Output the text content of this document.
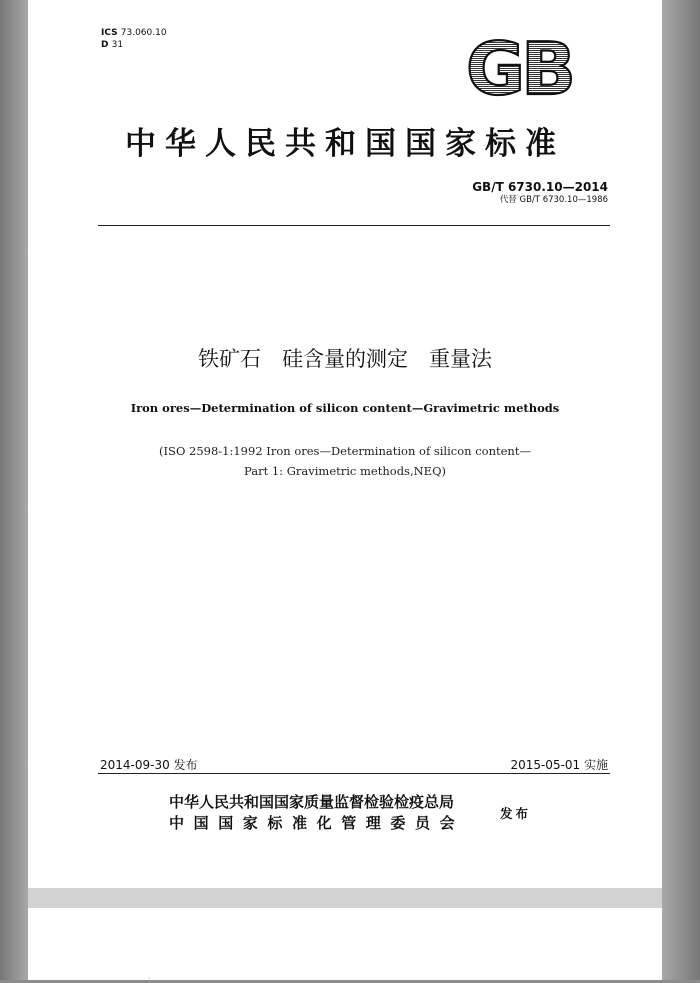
ICS 73.060.10
D 31	GB
中华人民共和国国家标准
GB/T 6730.10—2014
代替 GB/T 6730.10—1986
铁矿石　硅含量的测定　重量法
Iron ores—Determination of silicon content—Gravimetric methods
(ISO 2598-1:1992 Iron ores—Determination of silicon content—
Part 1: Gravimetric methods,NEQ)
2014-09-30 发布	2015-05-01 实施
中华人民共和国国家质量监督检验检疫总局
中国国家标准化管理委员会
发布
·
